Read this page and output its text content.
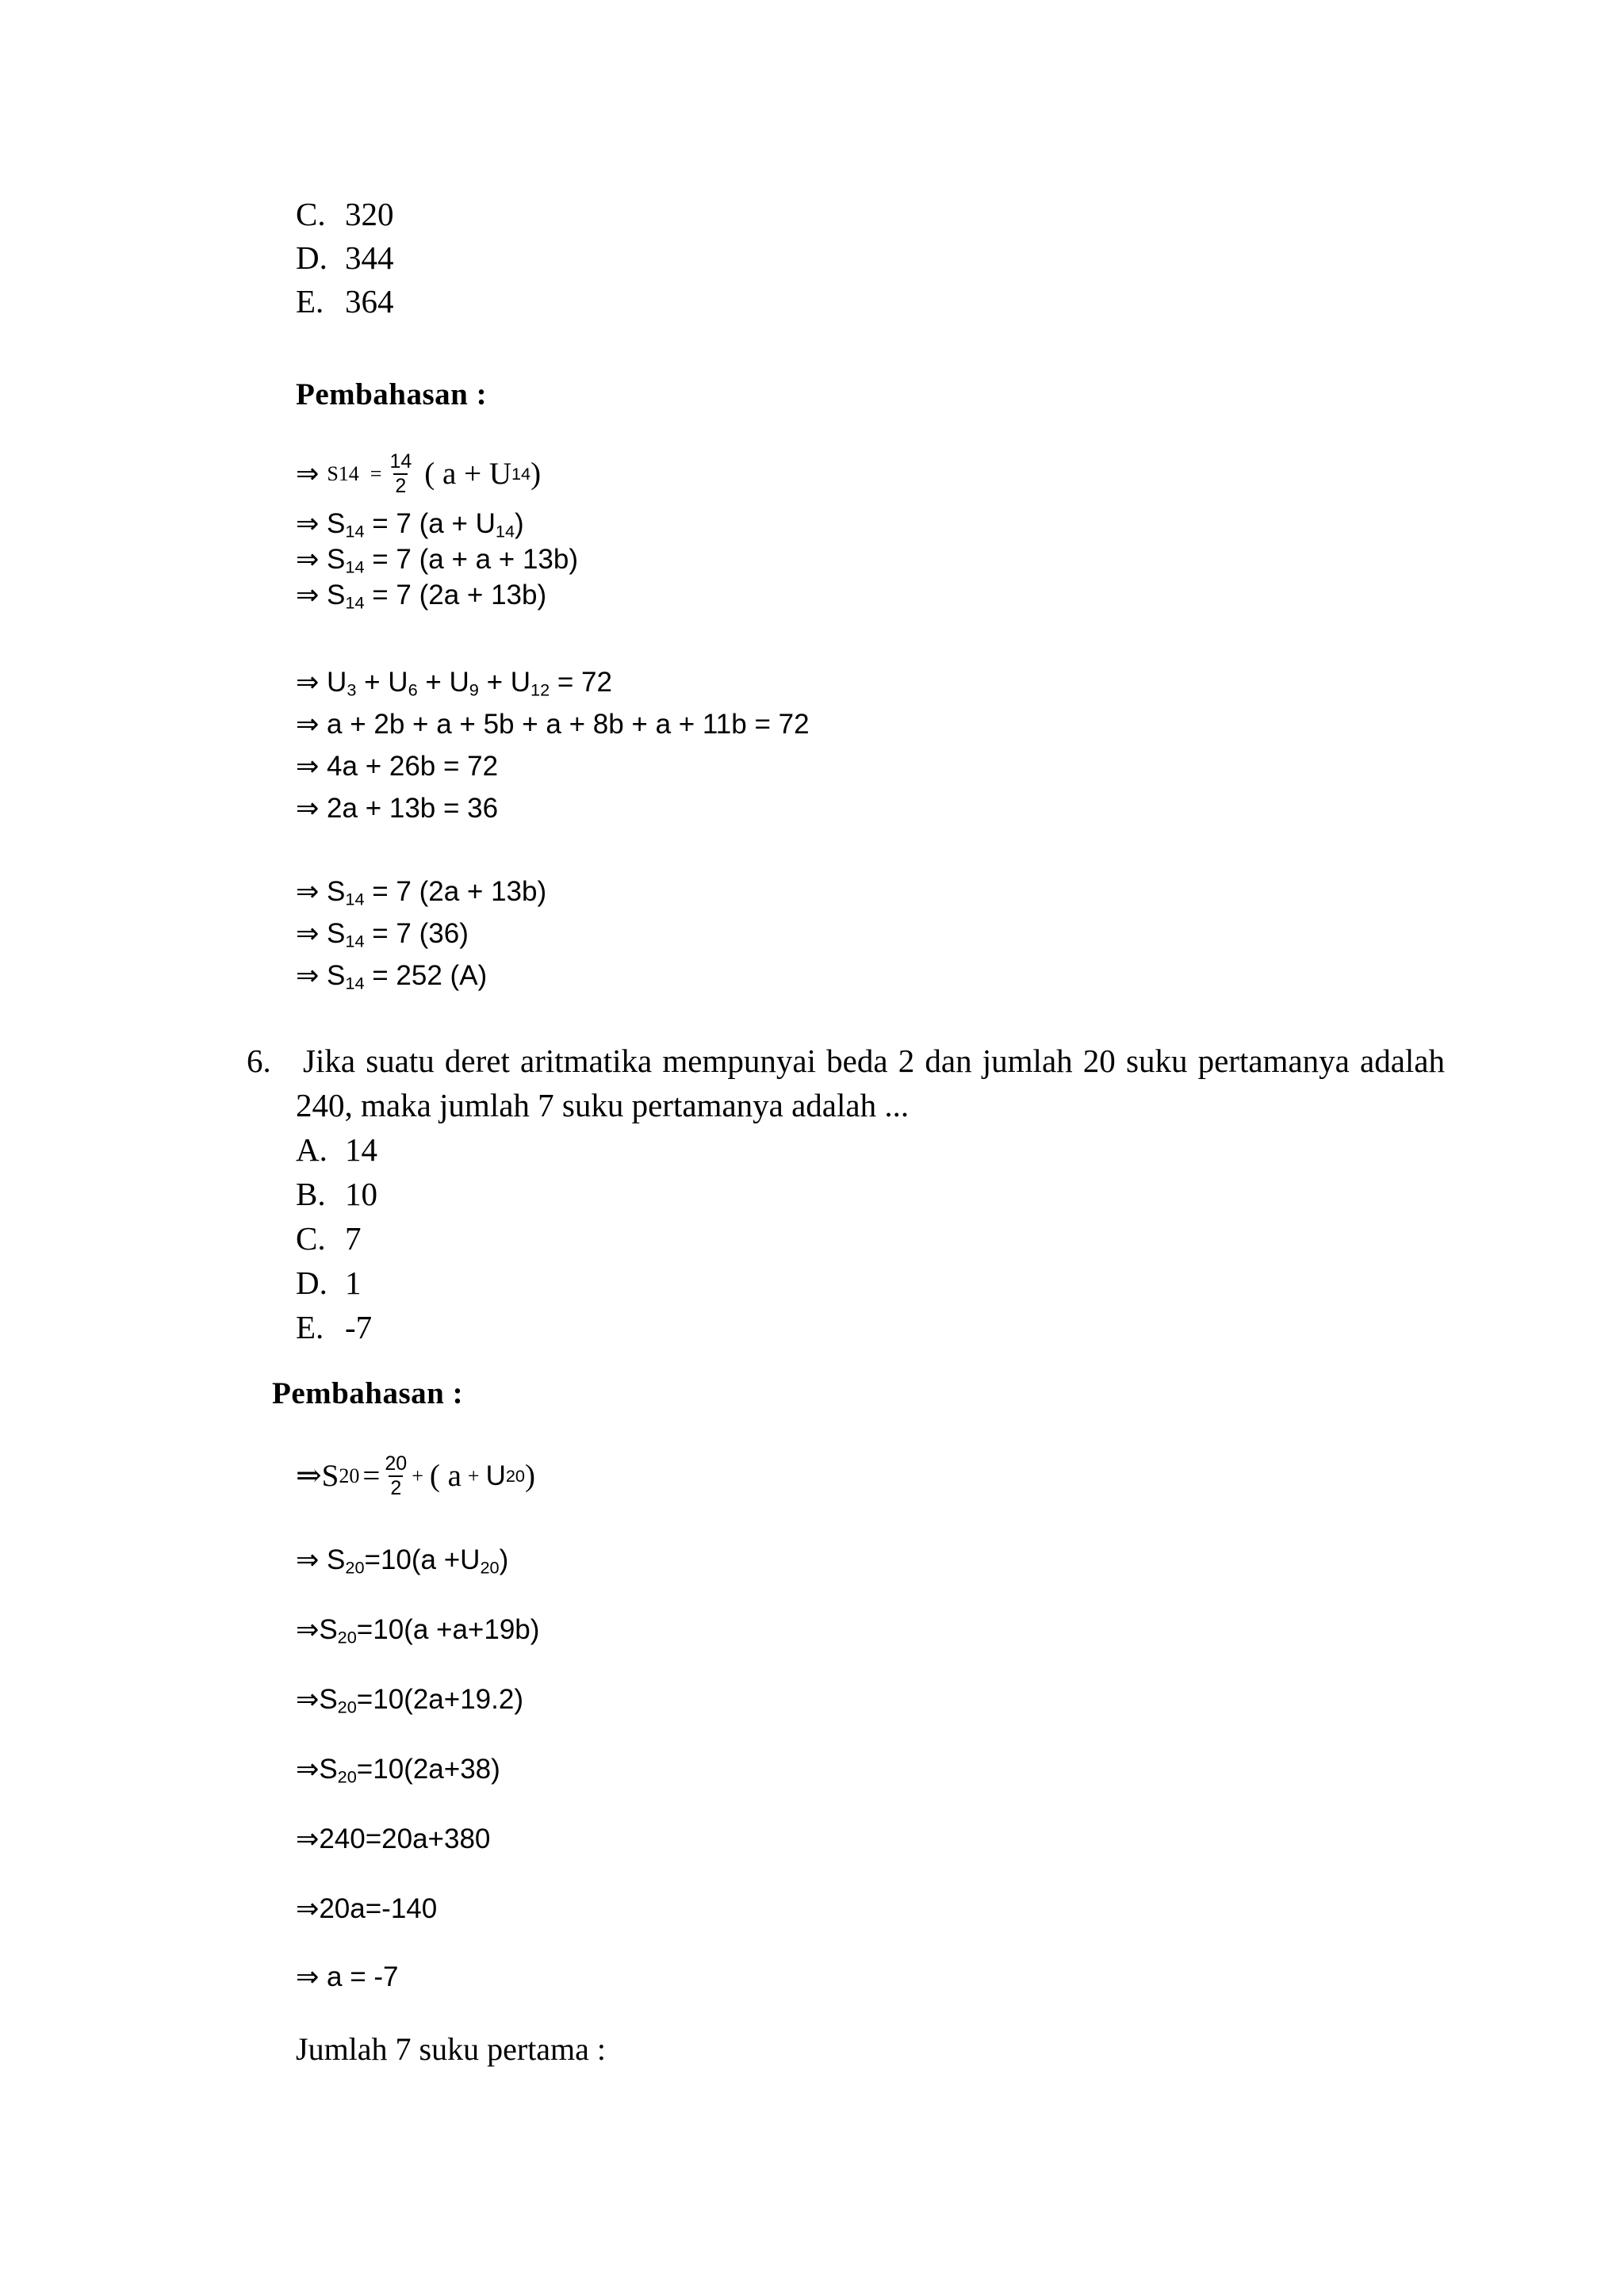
C. 320
D. 344
E. 364
Pembahasan :
⇒ $S14 = \frac{14}{2}$ ( a + U 14 )
⇒ $S_{14} = 7$ $(a + U_{14})$
⇒ $S_{14} = 7$ (a + a + 13b)
⇒ $S_{14} = 7$ (2a + 13b)
⇒ $U_3 + U_6 + U_9 + U_{12} = 72$
⇒ a + 2b + a + 5b + a + 8b + a + 11b = 72
⇒ 4a + 26b = 72
⇒ 2a + 13b = 36
⇒ $S_{14} = 7$ (2a + 13b)
⇒ $S_{14} = 7$ (36)
⇒ $S_{14} = 252$ (A)
6. Jika suatu deret aritmatika mempunyai beda 2 dan jumlah 20 suku pertamanya adalah
240, maka jumlah 7 suku pertamanya adalah ...
A. 14
B. 10
C. 7
D. 1
E. -7
Pembahasan :
⇒S $20 = \frac{20}{2}$ + ( a + U 20 )
⇒ $S_{20}=10(a +U_{20})$
$\Rightarrow S_{20}=10(a +a+19b)$
$\Rightarrow S_{20}=10(2a+19.2)$
$\Rightarrow S_{20}=10(2a+38)$
⇒240=20a+380
⇒20a=-140
⇒ a = -7
Jumlah 7 suku pertama :
